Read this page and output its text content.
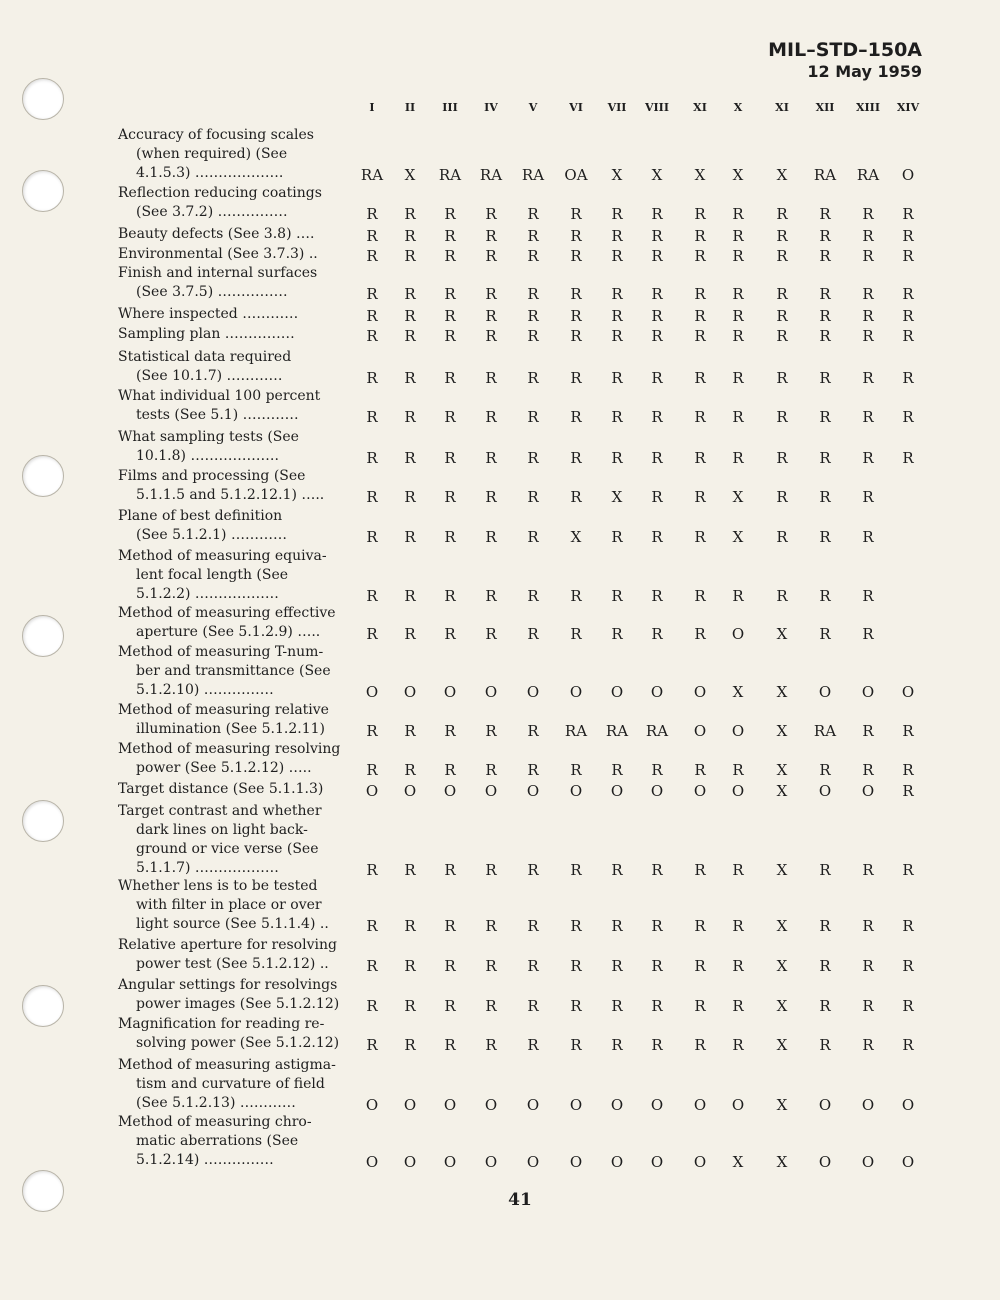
MIL–STD–150A
12 May 1959
I	II	III	IV	V	VI	VII	VIII	XI	X	XI	XII	XIII	XIV
Accuracy of focusing scales
(when required) (See
4.1.5.3) ……………….	RA	X	RA	RA	RA	OA	X	X	X	X	X	RA	RA	O
Reflection reducing coatings
(See 3.7.2) ……………	R	R	R	R	R	R	R	R	R	R	R	R	R	R
Beauty defects (See 3.8) ….	R	R	R	R	R	R	R	R	R	R	R	R	R	R
Environmental (See 3.7.3) ..	R	R	R	R	R	R	R	R	R	R	R	R	R	R
Finish and internal surfaces
(See 3.7.5) ……………	R	R	R	R	R	R	R	R	R	R	R	R	R	R
Where inspected …………	R	R	R	R	R	R	R	R	R	R	R	R	R	R
Sampling plan ……………	R	R	R	R	R	R	R	R	R	R	R	R	R	R
Statistical data required
(See 10.1.7) …………	R	R	R	R	R	R	R	R	R	R	R	R	R	R
What individual 100 percent
tests (See 5.1) …………	R	R	R	R	R	R	R	R	R	R	R	R	R	R
What sampling tests (See
10.1.8) ……………….	R	R	R	R	R	R	R	R	R	R	R	R	R	R
Films and processing (See
5.1.1.5 and 5.1.2.12.1) …..	R	R	R	R	R	R	X	R	R	X	R	R	R
Plane of best definition
(See 5.1.2.1) …………	R	R	R	R	R	X	R	R	R	X	R	R	R
Method of measuring equiva-
lent focal length (See
5.1.2.2) ………………	R	R	R	R	R	R	R	R	R	R	R	R	R
Method of measuring effective
aperture (See 5.1.2.9) …..	R	R	R	R	R	R	R	R	R	O	X	R	R
Method of measuring T-num-
ber and transmittance (See
5.1.2.10) ……………	O	O	O	O	O	O	O	O	O	X	X	O	O	O
Method of measuring relative
illumination (See 5.1.2.11)	R	R	R	R	R	RA	RA	RA	O	O	X	RA	R	R
Method of measuring resolving
power (See 5.1.2.12) …..	R	R	R	R	R	R	R	R	R	R	X	R	R	R
Target distance (See 5.1.1.3)	O	O	O	O	O	O	O	O	O	O	X	O	O	R
Target contrast and whether
dark lines on light back-
ground or vice verse (See
5.1.1.7) ………………	R	R	R	R	R	R	R	R	R	R	X	R	R	R
Whether lens is to be tested
with filter in place or over
light source (See 5.1.1.4) ..	R	R	R	R	R	R	R	R	R	R	X	R	R	R
Relative aperture for resolving
power test (See 5.1.2.12) ..	R	R	R	R	R	R	R	R	R	R	X	R	R	R
Angular settings for resolvings
power images (See 5.1.2.12)	R	R	R	R	R	R	R	R	R	R	X	R	R	R
Magnification for reading re-
solving power (See 5.1.2.12)	R	R	R	R	R	R	R	R	R	R	X	R	R	R
Method of measuring astigma-
tism and curvature of field
(See 5.1.2.13) …………	O	O	O	O	O	O	O	O	O	O	X	O	O	O
Method of measuring chro-
matic aberrations (See
5.1.2.14) ……………	O	O	O	O	O	O	O	O	O	X	X	O	O	O
41
